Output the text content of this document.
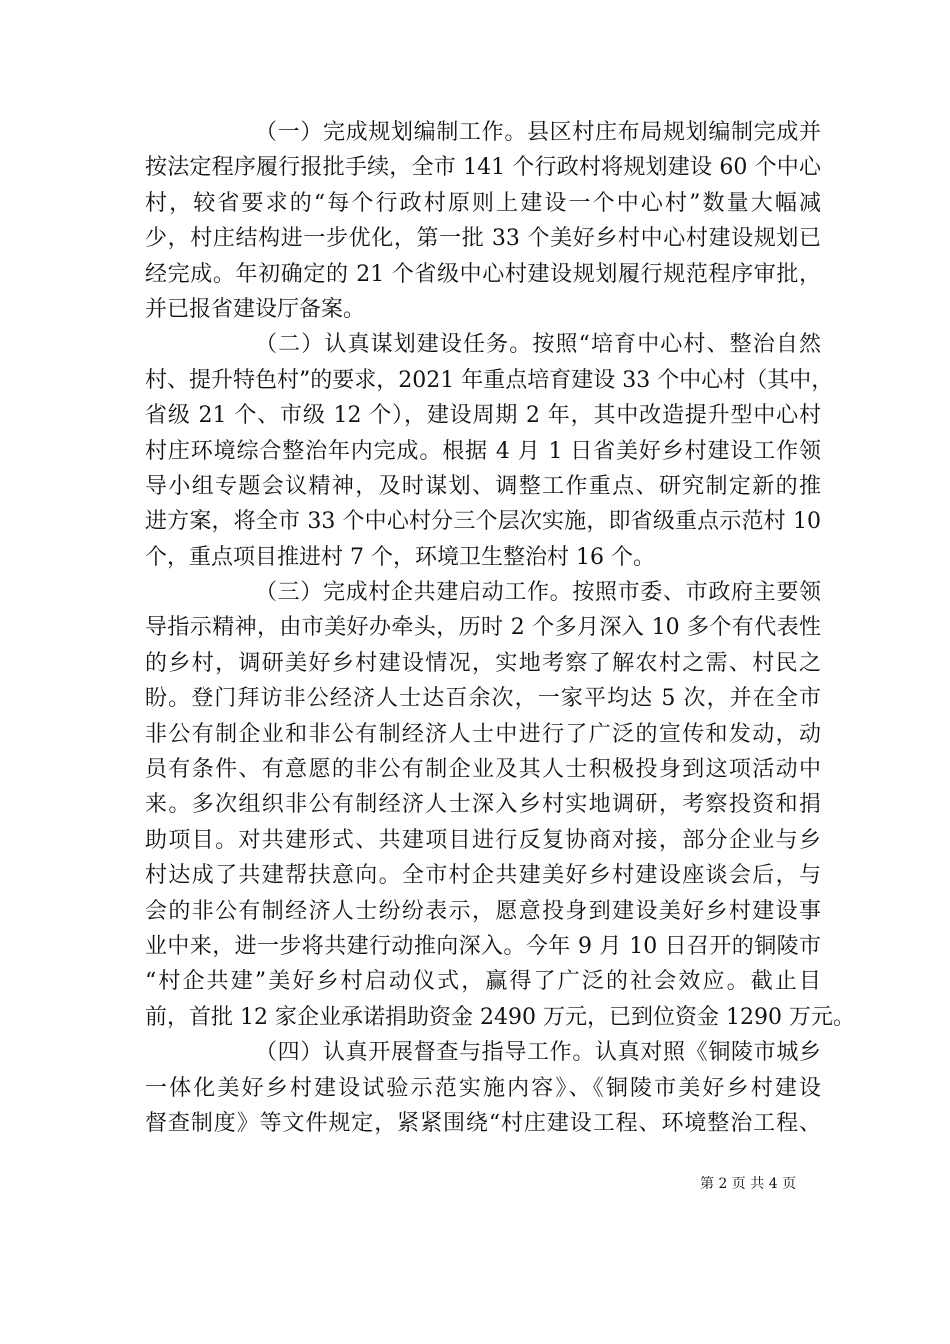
（一）完成规划编制工作。县区村庄布局规划编制完成并
按法定程序履行报批手续，全市 141 个行政村将规划建设 60 个中心
村，较省要求的“每个行政村原则上建设一个中心村”数量大幅减
少，村庄结构进一步优化，第一批 33 个美好乡村中心村建设规划已
经完成。年初确定的 21 个省级中心村建设规划履行规范程序审批，
并已报省建设厅备案。
（二）认真谋划建设任务。按照“培育中心村、整治自然
村、提升特色村”的要求，2021 年重点培育建设 33 个中心村（其中，
省级 21 个、市级 12 个），建设周期 2 年，其中改造提升型中心村
村庄环境综合整治年内完成。根据 4 月 1 日省美好乡村建设工作领
导小组专题会议精神，及时谋划、调整工作重点、研究制定新的推
进方案，将全市 33 个中心村分三个层次实施，即省级重点示范村 10
个，重点项目推进村 7 个，环境卫生整治村 16 个。
（三）完成村企共建启动工作。按照市委、市政府主要领
导指示精神，由市美好办牵头，历时 2 个多月深入 10 多个有代表性
的乡村，调研美好乡村建设情况，实地考察了解农村之需、村民之
盼。登门拜访非公经济人士达百余次，一家平均达 5 次，并在全市
非公有制企业和非公有制经济人士中进行了广泛的宣传和发动，动
员有条件、有意愿的非公有制企业及其人士积极投身到这项活动中
来。多次组织非公有制经济人士深入乡村实地调研，考察投资和捐
助项目。对共建形式、共建项目进行反复协商对接，部分企业与乡
村达成了共建帮扶意向。全市村企共建美好乡村建设座谈会后，与
会的非公有制经济人士纷纷表示，愿意投身到建设美好乡村建设事
业中来，进一步将共建行动推向深入。今年 9 月 10 日召开的铜陵市
“村企共建”美好乡村启动仪式，赢得了广泛的社会效应。截止目
前，首批 12 家企业承诺捐助资金 2490 万元，已到位资金 1290 万元。
（四）认真开展督查与指导工作。认真对照《铜陵市城乡
一体化美好乡村建设试验示范实施内容》、《铜陵市美好乡村建设
督查制度》等文件规定，紧紧围绕“村庄建设工程、环境整治工程、
第 2 页 共 4 页
